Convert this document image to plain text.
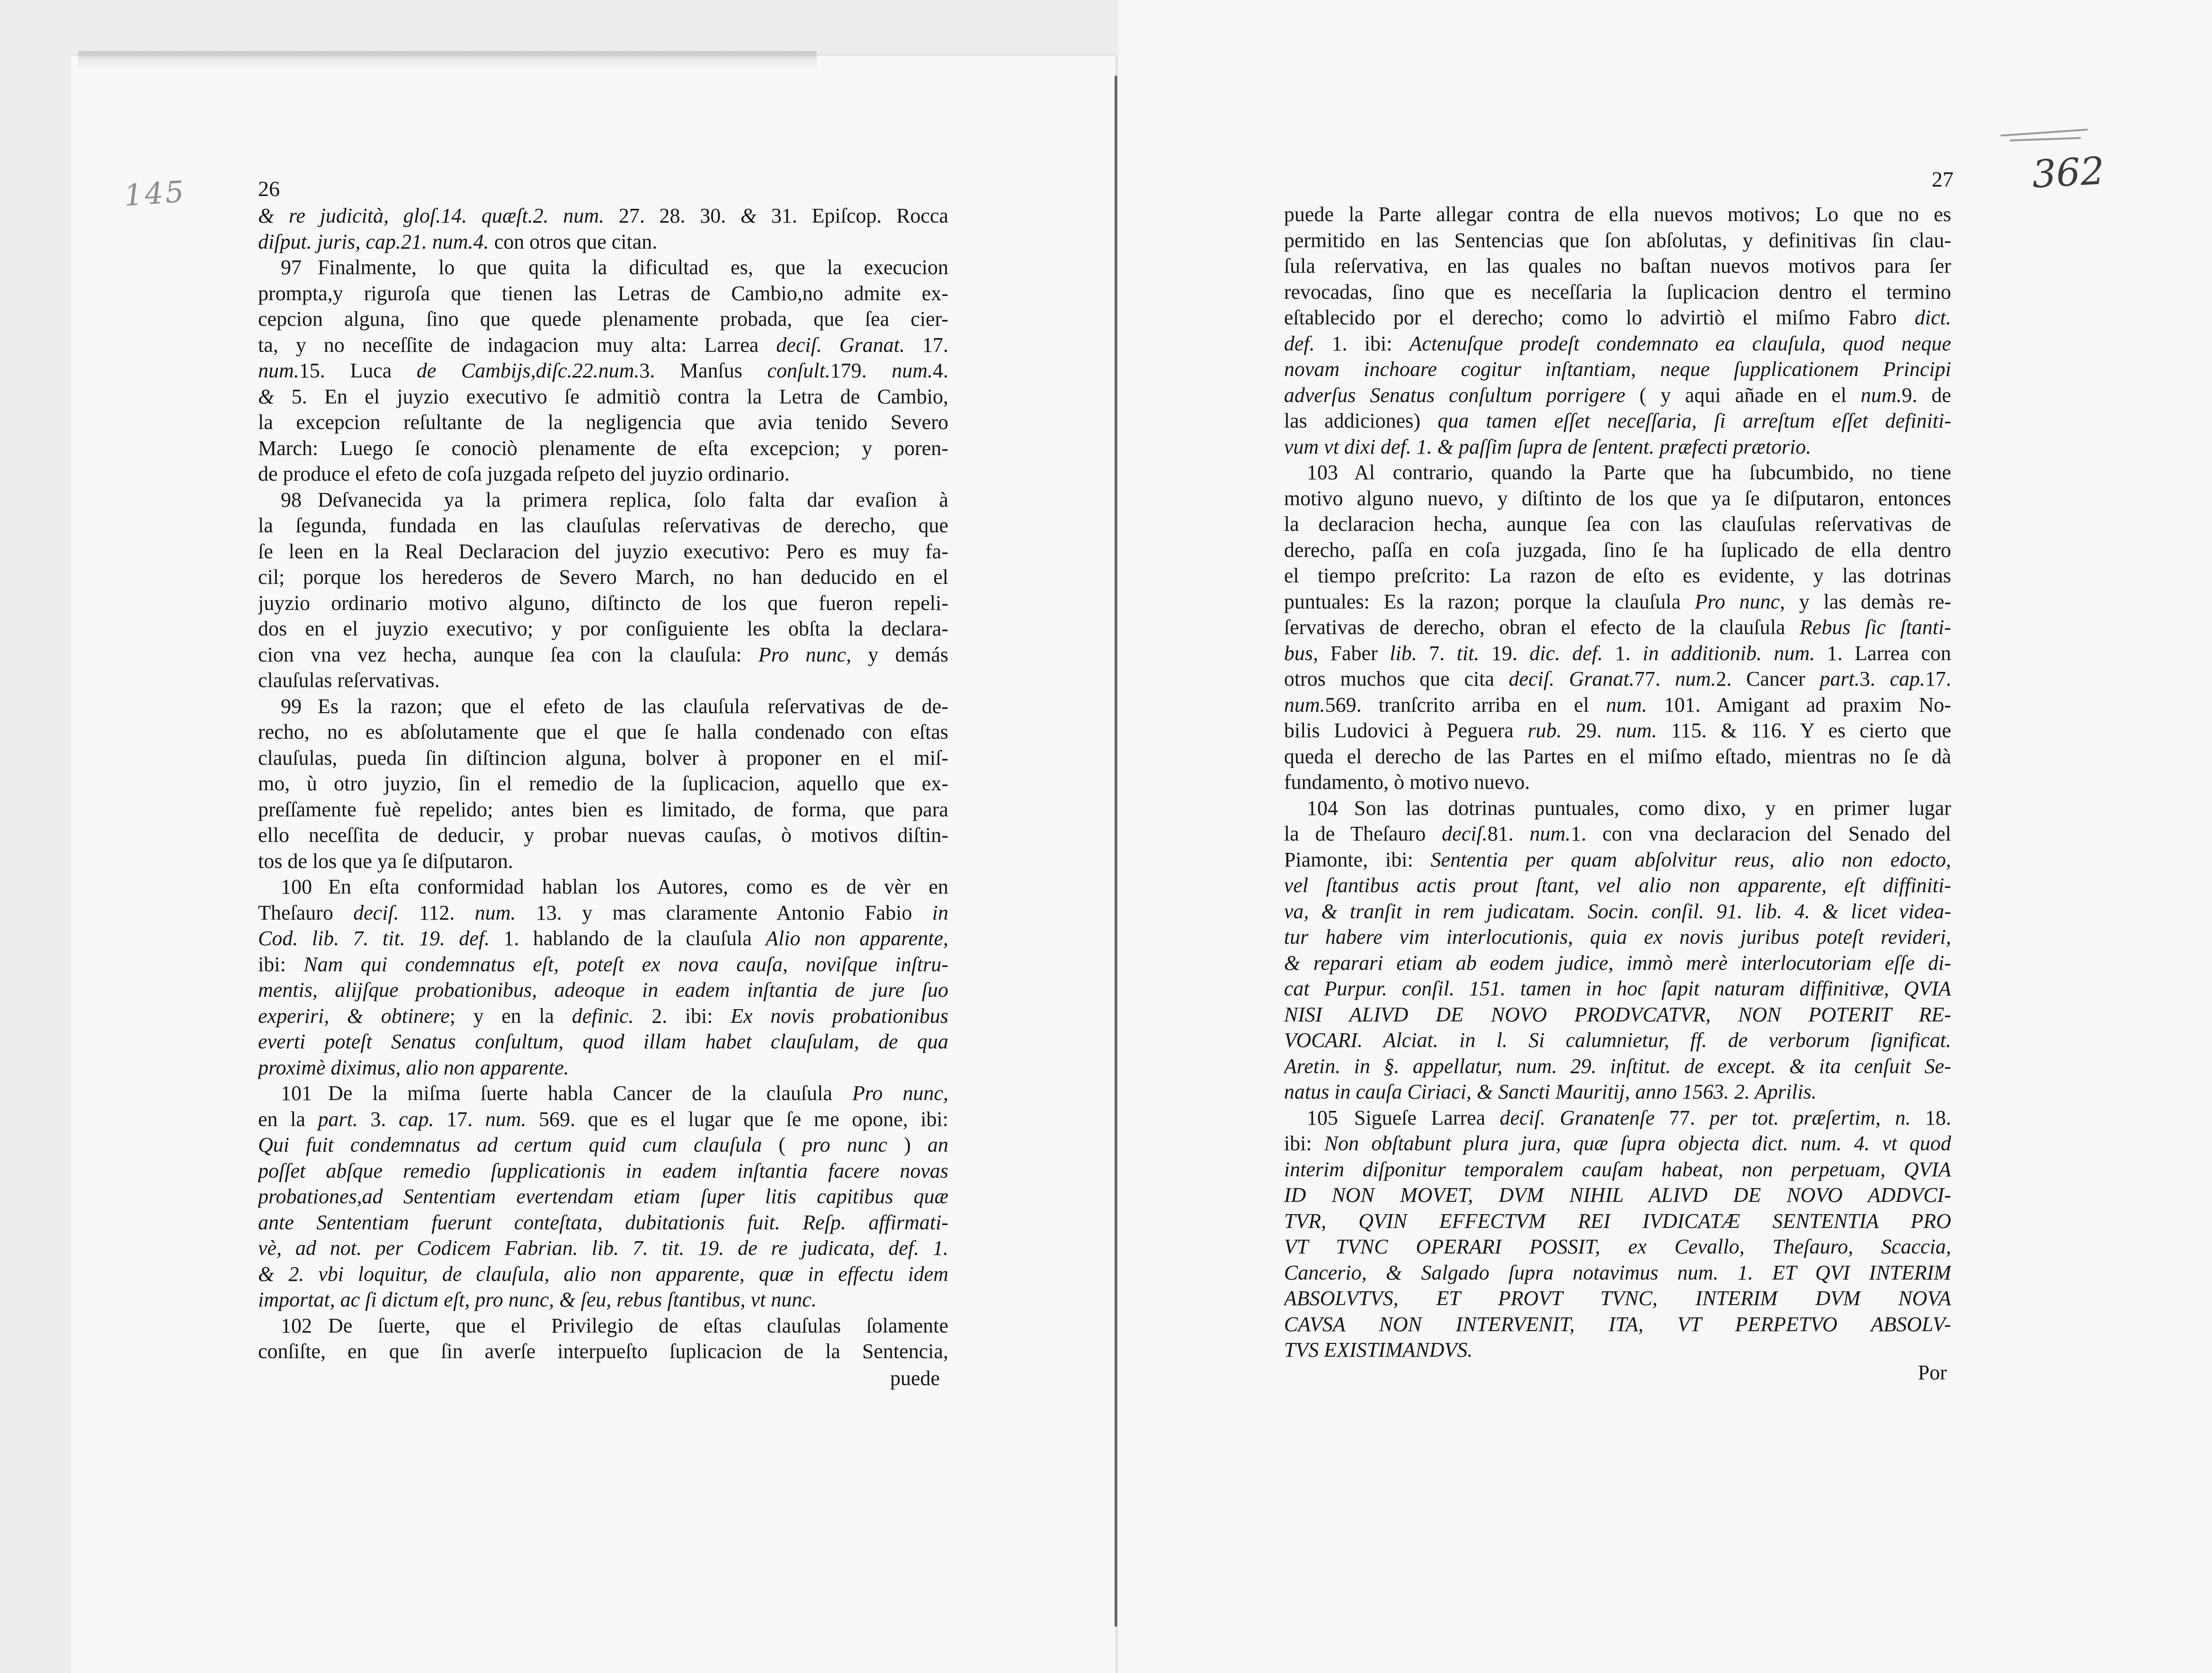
145	362
26
& re judicità, gloſ.14. quæſt.2. num. 27. 28. 30. & 31. Epiſcop. Rocca
diſput. juris, cap.21. num.4. con otros que citan.
97 Finalmente, lo que quita la dificultad es, que la execucion
prompta,y riguroſa que tienen las Letras de Cambio,no admite ex-
cepcion alguna, ſino que quede plenamente probada, que ſea cier-
ta, y no neceſſite de indagacion muy alta: Larrea deciſ. Granat. 17.
num.15. Luca de Cambijs,diſc.22.num.3. Manſus conſult.179. num.4.
& 5. En el juyzio executivo ſe admitiò contra la Letra de Cambio,
la excepcion reſultante de la negligencia que avia tenido Severo
March: Luego ſe conociò plenamente de eſta excepcion; y poren-
de produce el efeto de coſa juzgada reſpeto del juyzio ordinario.
98 Deſvanecida ya la primera replica, ſolo falta dar evaſion à
la ſegunda, fundada en las clauſulas reſervativas de derecho, que
ſe leen en la Real Declaracion del juyzio executivo: Pero es muy fa-
cil; porque los herederos de Severo March, no han deducido en el
juyzio ordinario motivo alguno, diſtincto de los que fueron repeli-
dos en el juyzio executivo; y por conſiguiente les obſta la declara-
cion vna vez hecha, aunque ſea con la clauſula: Pro nunc, y demás
clauſulas reſervativas.
99 Es la razon; que el efeto de las clauſula reſervativas de de-
recho, no es abſolutamente que el que ſe halla condenado con eſtas
clauſulas, pueda ſin diſtincion alguna, bolver à proponer en el miſ-
mo, ù otro juyzio, ſin el remedio de la ſuplicacion, aquello que ex-
preſſamente fuè repelido; antes bien es limitado, de forma, que para
ello neceſſita de deducir, y probar nuevas cauſas, ò motivos diſtin-
tos de los que ya ſe diſputaron.
100 En eſta conformidad hablan los Autores, como es de vèr en
Theſauro deciſ. 112. num. 13. y mas claramente Antonio Fabio in
Cod. lib. 7. tit. 19. def. 1. hablando de la clauſula Alio non apparente,
ibi: Nam qui condemnatus eſt, poteſt ex nova cauſa, noviſque inſtru-
mentis, alijſque probationibus, adeoque in eadem inſtantia de jure ſuo
experiri, & obtinere; y en la definic. 2. ibi: Ex novis probationibus
everti poteſt Senatus conſultum, quod illam habet clauſulam, de qua
proximè diximus, alio non apparente.
101 De la miſma ſuerte habla Cancer de la clauſula Pro nunc,
en la part. 3. cap. 17. num. 569. que es el lugar que ſe me opone, ibi:
Qui fuit condemnatus ad certum quid cum clauſula ( pro nunc ) an
poſſet abſque remedio ſupplicationis in eadem inſtantia facere novas
probationes,ad Sententiam evertendam etiam ſuper litis capitibus quæ
ante Sententiam fuerunt conteſtata, dubitationis fuit. Reſp. affirmati-
vè, ad not. per Codicem Fabrian. lib. 7. tit. 19. de re judicata, def. 1.
& 2. vbi loquitur, de clauſula, alio non apparente, quæ in effectu idem
importat, ac ſi dictum eſt, pro nunc, & ſeu, rebus ſtantibus, vt nunc.
102 De ſuerte, que el Privilegio de eſtas clauſulas ſolamente
conſiſte, en que ſin averſe interpueſto ſuplicacion de la Sentencia,
puede
27
puede la Parte allegar contra de ella nuevos motivos; Lo que no es
permitido en las Sentencias que ſon abſolutas, y definitivas ſin clau-
ſula reſervativa, en las quales no baſtan nuevos motivos para ſer
revocadas, ſino que es neceſſaria la ſuplicacion dentro el termino
eſtablecido por el derecho; como lo advirtiò el miſmo Fabro dict.
def. 1. ibi: Actenuſque prodeſt condemnato ea clauſula, quod neque
novam inchoare cogitur inſtantiam, neque ſupplicationem Principi
adverſus Senatus conſultum porrigere ( y aqui añade en el num.9. de
las addiciones) qua tamen eſſet neceſſaria, ſi arreſtum eſſet definiti-
vum vt dixi def. 1. & paſſim ſupra de ſentent. præfecti prætorio.
103 Al contrario, quando la Parte que ha ſubcumbido, no tiene
motivo alguno nuevo, y diſtinto de los que ya ſe diſputaron, entonces
la declaracion hecha, aunque ſea con las clauſulas reſervativas de
derecho, paſſa en coſa juzgada, ſino ſe ha ſuplicado de ella dentro
el tiempo preſcrito: La razon de eſto es evidente, y las dotrinas
puntuales: Es la razon; porque la clauſula Pro nunc, y las demàs re-
ſervativas de derecho, obran el efecto de la clauſula Rebus ſic ſtanti-
bus, Faber lib. 7. tit. 19. dic. def. 1. in additionib. num. 1. Larrea con
otros muchos que cita deciſ. Granat.77. num.2. Cancer part.3. cap.17.
num.569. tranſcrito arriba en el num. 101. Amigant ad praxim No-
bilis Ludovici à Peguera rub. 29. num. 115. & 116. Y es cierto que
queda el derecho de las Partes en el miſmo eſtado, mientras no ſe dà
fundamento, ò motivo nuevo.
104 Son las dotrinas puntuales, como dixo, y en primer lugar
la de Theſauro deciſ.81. num.1. con vna declaracion del Senado del
Piamonte, ibi: Sententia per quam abſolvitur reus, alio non edocto,
vel ſtantibus actis prout ſtant, vel alio non apparente, eſt diffiniti-
va, & tranſit in rem judicatam. Socin. conſil. 91. lib. 4. & licet videa-
tur habere vim interlocutionis, quia ex novis juribus poteſt revideri,
& reparari etiam ab eodem judice, immò merè interlocutoriam eſſe di-
cat Purpur. conſil. 151. tamen in hoc ſapit naturam diffinitivæ, QVIA
NISI ALIVD DE NOVO PRODVCATVR, NON POTERIT RE-
VOCARI. Alciat. in l. Si calumnietur, ff. de verborum ſignificat.
Aretin. in §. appellatur, num. 29. inſtitut. de except. & ita cenſuit Se-
natus in cauſa Ciriaci, & Sancti Mauritij, anno 1563. 2. Aprilis.
105 Sigueſe Larrea deciſ. Granatenſe 77. per tot. præſertim, n. 18.
ibi: Non obſtabunt plura jura, quæ ſupra objecta dict. num. 4. vt quod
interim diſponitur temporalem cauſam habeat, non perpetuam, QVIA
ID NON MOVET, DVM NIHIL ALIVD DE NOVO ADDVCI-
TVR, QVIN EFFECTVM REI IVDICATÆ SENTENTIA PRO
VT TVNC OPERARI POSSIT, ex Cevallo, Theſauro, Scaccia,
Cancerio, & Salgado ſupra notavimus num. 1. ET QVI INTERIM
ABSOLVTVS, ET PROVT TVNC, INTERIM DVM NOVA
CAVSA NON INTERVENIT, ITA, VT PERPETVO ABSOLV-
TVS EXISTIMANDVS.
Por
